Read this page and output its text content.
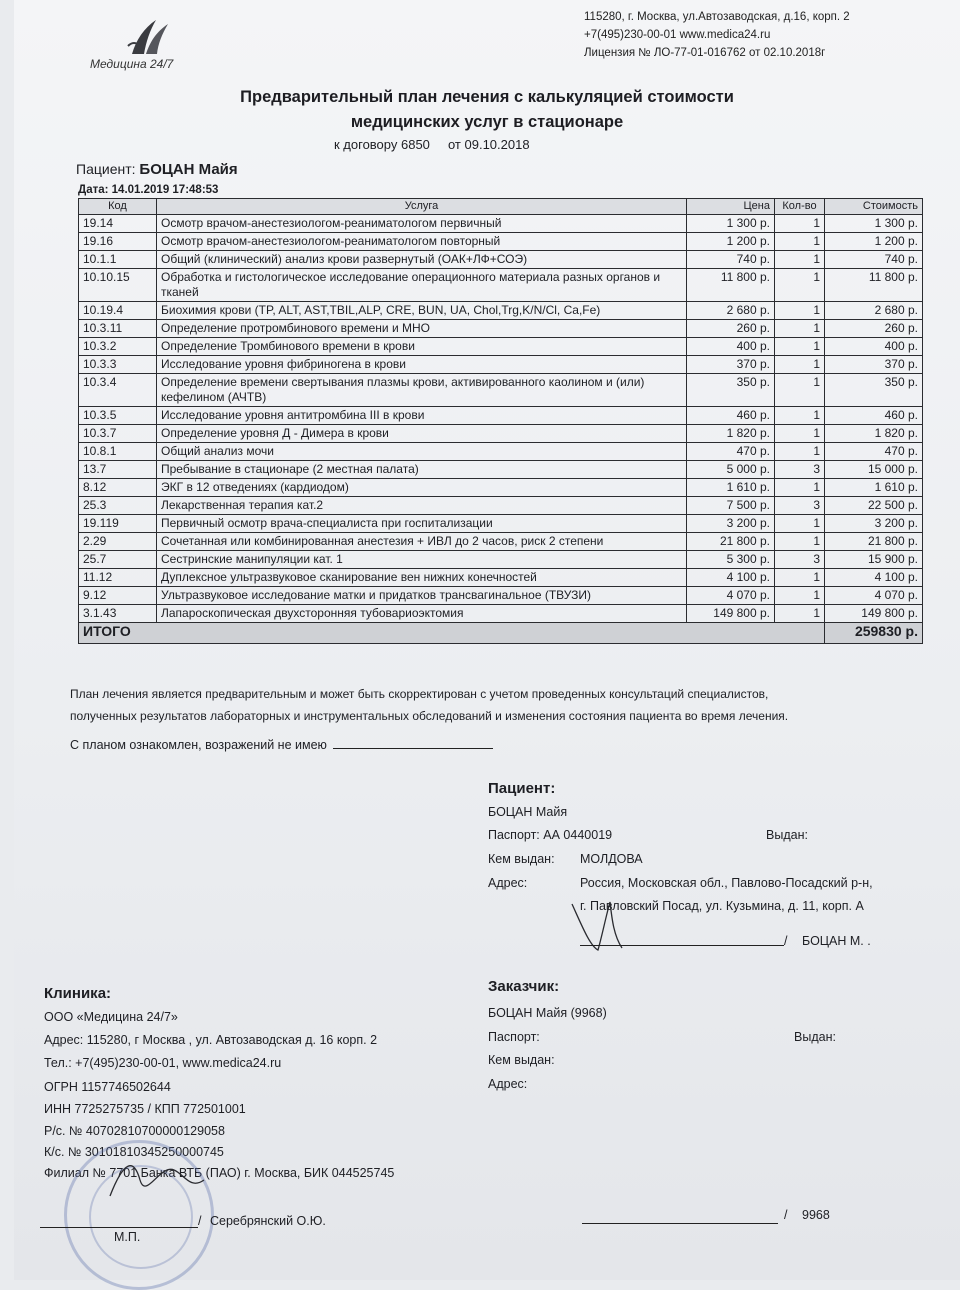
Медицина 24/7
115280, г. Москва, ул.Автозаводская, д.16, корп. 2
+7(495)230-00-01 www.medica24.ru
Лицензия № ЛО-77-01-016762 от 02.10.2018г
Предварительный план лечения с калькуляцией стоимости
медицинских услуг в стационаре
к договору 6850 от 09.10.2018
Пациент: БОЦАН Майя
Дата: 14.01.2019 17:48:53
Код	Услуга	Цена	Кол-во	Стоимость
19.14	Осмотр врачом-анестезиологом-реаниматологом первичный	1 300 р.	1	1 300 р.
19.16	Осмотр врачом-анестезиологом-реаниматологом повторный	1 200 р.	1	1 200 р.
10.1.1	Общий (клинический) анализ крови развернутый (ОАК+ЛФ+СОЭ)	740 р.	1	740 р.
10.10.15	Обработка и гистологическое исследование операционного материала разных органов и тканей	11 800 р.	1	11 800 р.
10.19.4	Биохимия крови (TP, ALT, AST,TBIL,ALP, CRE, BUN, UA, Chol,Trg,K/N/Cl, Ca,Fe)	2 680 р.	1	2 680 р.
10.3.11	Определение протромбинового времени и МНО	260 р.	1	260 р.
10.3.2	Определение Тромбинового времени в крови	400 р.	1	400 р.
10.3.3	Исследование уровня фибриногена в крови	370 р.	1	370 р.
10.3.4	Определение времени свертывания плазмы крови, активированного каолином и (или) кефелином (АЧТВ)	350 р.	1	350 р.
10.3.5	Исследование уровня антитромбина III в крови	460 р.	1	460 р.
10.3.7	Определение уровня Д - Димера в крови	1 820 р.	1	1 820 р.
10.8.1	Общий анализ мочи	470 р.	1	470 р.
13.7	Пребывание в стационаре (2 местная палата)	5 000 р.	3	15 000 р.
8.12	ЭКГ в 12 отведениях (кардиодом)	1 610 р.	1	1 610 р.
25.3	Лекарственная терапия кат.2	7 500 р.	3	22 500 р.
19.119	Первичный осмотр врача-специалиста при госпитализации	3 200 р.	1	3 200 р.
2.29	Сочетанная или комбинированная анестезия + ИВЛ до 2 часов, риск 2 степени	21 800 р.	1	21 800 р.
25.7	Сестринские манипуляции кат. 1	5 300 р.	3	15 900 р.
11.12	Дуплексное ультразвуковое сканирование вен нижних конечностей	4 100 р.	1	4 100 р.
9.12	Ультразвуковое исследование матки и придатков трансвагинальное (ТВУЗИ)	4 070 р.	1	4 070 р.
3.1.43	Лапароскопическая двухсторонняя тубовариоэктомия	149 800 р.	1	149 800 р.
ИТОГО				259830 р.
План лечения является предварительным и может быть скорректирован с учетом проведенных консультаций специалистов,
полученных результатов лабораторных и инструментальных обследований и изменения состояния пациента во время лечения.
С планом ознакомлен, возражений не имею
Пациент:
БОЦАН Майя
Паспорт: АА 0440019	Выдан:
Кем выдан: МОЛДОВА
Адрес:	Россия, Московская обл., Павлово-Посадский р-н,
г. Павловский Посад, ул. Кузьмина, д. 11, корп. А
/ БОЦАН М. .
Клиника:
ООО «Медицина 24/7»
Адрес: 115280, г Москва , ул. Автозаводская д. 16 корп. 2
Тел.: +7(495)230-00-01, www.medica24.ru
ОГРН 1157746502644
ИНН 7725275735 / КПП 772501001
Р/с. № 40702810700000129058
К/с. № 30101810345250000745
Филиал № 7701 Банка ВТБ (ПАО) г. Москва, БИК 044525745
/ Серебрянский О.Ю.
М.П.
Заказчик:
БОЦАН Майя (9968)
Паспорт:	Выдан:
Кем выдан:
Адрес:
/ 9968
